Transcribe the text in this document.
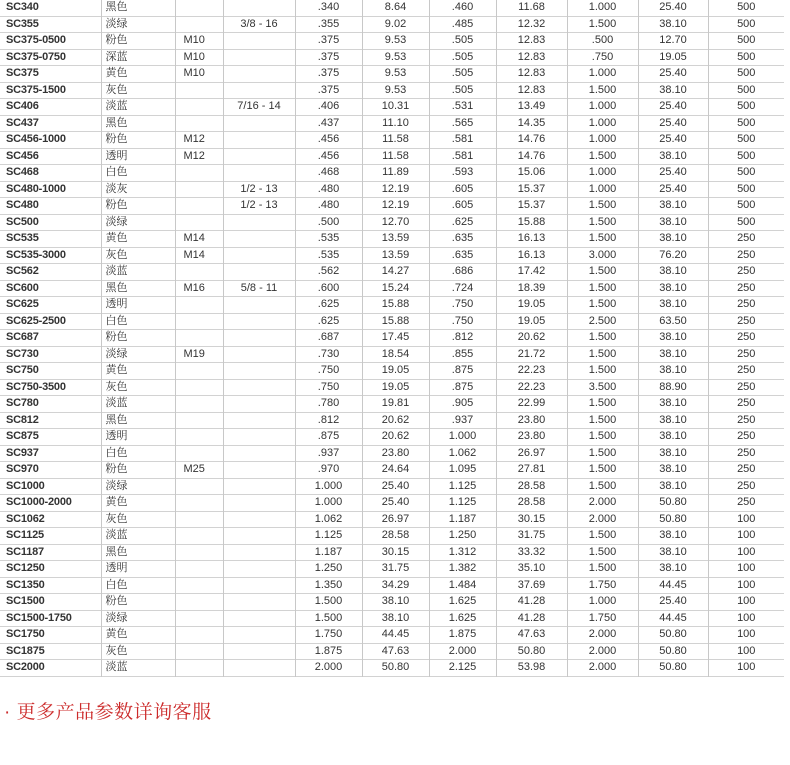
SC340	黑色			.340	8.64	.460	11.68	1.000	25.40	500
SC355	淡绿		3/8 - 16	.355	9.02	.485	12.32	1.500	38.10	500
SC375-0500	粉色	M10		.375	9.53	.505	12.83	.500	12.70	500
SC375-0750	深蓝	M10		.375	9.53	.505	12.83	.750	19.05	500
SC375	黄色	M10		.375	9.53	.505	12.83	1.000	25.40	500
SC375-1500	灰色			.375	9.53	.505	12.83	1.500	38.10	500
SC406	淡蓝		7/16 - 14	.406	10.31	.531	13.49	1.000	25.40	500
SC437	黑色			.437	11.10	.565	14.35	1.000	25.40	500
SC456-1000	粉色	M12		.456	11.58	.581	14.76	1.000	25.40	500
SC456	透明	M12		.456	11.58	.581	14.76	1.500	38.10	500
SC468	白色			.468	11.89	.593	15.06	1.000	25.40	500
SC480-1000	淡灰		1/2 - 13	.480	12.19	.605	15.37	1.000	25.40	500
SC480	粉色		1/2 - 13	.480	12.19	.605	15.37	1.500	38.10	500
SC500	淡绿			.500	12.70	.625	15.88	1.500	38.10	500
SC535	黄色	M14		.535	13.59	.635	16.13	1.500	38.10	250
SC535-3000	灰色	M14		.535	13.59	.635	16.13	3.000	76.20	250
SC562	淡蓝			.562	14.27	.686	17.42	1.500	38.10	250
SC600	黑色	M16	5/8 - 11	.600	15.24	.724	18.39	1.500	38.10	250
SC625	透明			.625	15.88	.750	19.05	1.500	38.10	250
SC625-2500	白色			.625	15.88	.750	19.05	2.500	63.50	250
SC687	粉色			.687	17.45	.812	20.62	1.500	38.10	250
SC730	淡绿	M19		.730	18.54	.855	21.72	1.500	38.10	250
SC750	黄色			.750	19.05	.875	22.23	1.500	38.10	250
SC750-3500	灰色			.750	19.05	.875	22.23	3.500	88.90	250
SC780	淡蓝			.780	19.81	.905	22.99	1.500	38.10	250
SC812	黑色			.812	20.62	.937	23.80	1.500	38.10	250
SC875	透明			.875	20.62	1.000	23.80	1.500	38.10	250
SC937	白色			.937	23.80	1.062	26.97	1.500	38.10	250
SC970	粉色	M25		.970	24.64	1.095	27.81	1.500	38.10	250
SC1000	淡绿			1.000	25.40	1.125	28.58	1.500	38.10	250
SC1000-2000	黄色			1.000	25.40	1.125	28.58	2.000	50.80	250
SC1062	灰色			1.062	26.97	1.187	30.15	2.000	50.80	100
SC1125	淡蓝			1.125	28.58	1.250	31.75	1.500	38.10	100
SC1187	黑色			1.187	30.15	1.312	33.32	1.500	38.10	100
SC1250	透明			1.250	31.75	1.382	35.10	1.500	38.10	100
SC1350	白色			1.350	34.29	1.484	37.69	1.750	44.45	100
SC1500	粉色			1.500	38.10	1.625	41.28	1.000	25.40	100
SC1500-1750	淡绿			1.500	38.10	1.625	41.28	1.750	44.45	100
SC1750	黄色			1.750	44.45	1.875	47.63	2.000	50.80	100
SC1875	灰色			1.875	47.63	2.000	50.80	2.000	50.80	100
SC2000	淡蓝			2.000	50.80	2.125	53.98	2.000	50.80	100
· 更多产品参数详询客服
